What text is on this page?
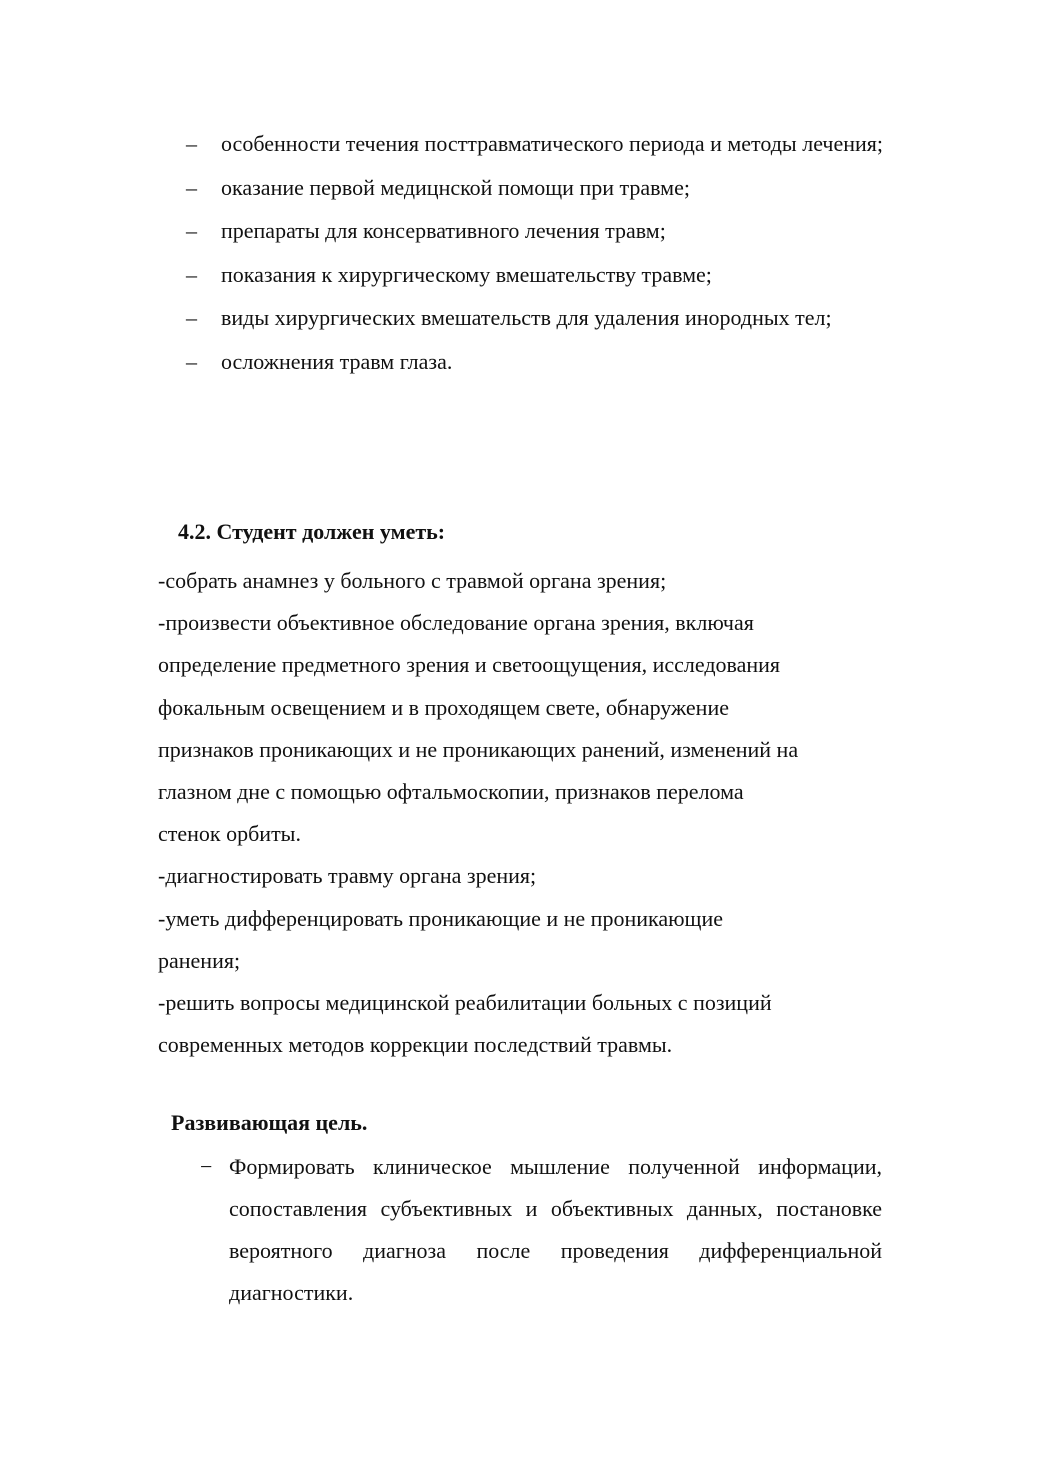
– особенности течения посттравматического периода и методы лечения;
– оказание первой медицнской помощи при травме;
– препараты для консервативного лечения травм;
– показания к хирургическому вмешательству травме;
– виды хирургических вмешательств для удаления инородных тел;
– осложнения травм глаза.
4.2. Студент должен уметь:

-собрать анамнез у больного с травмой органа зрения;

-произвести объективное обследование органа зрения, включая

определение предметного зрения и светоощущения, исследования

фокальным освещением и в проходящем свете, обнаружение

признаков проникающих и не проникающих ранений, изменений на

глазном дне с помощью офтальмоскопии, признаков перелома

стенок орбиты.

-диагностировать травму органа зрения;

-уметь дифференцировать проникающие и не проникающие

ранения;

-решить вопросы медицинской реабилитации больных с позиций

современных методов коррекции последствий травмы.

Развивающая цель.
− Формировать клиническое мышление полученной информации, сопоставления субъективных и объективных данных, постановке вероятного диагноза после проведения дифференциальной диагностики.
